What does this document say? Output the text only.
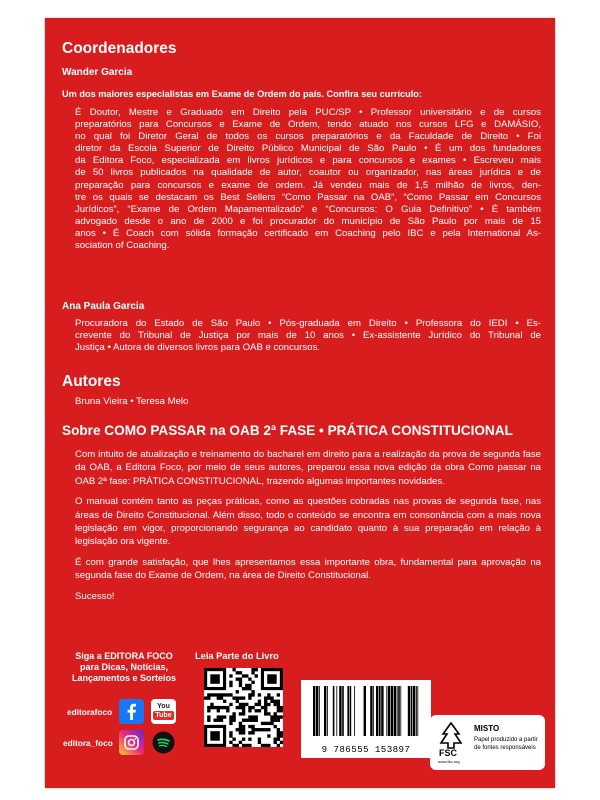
Coordenadores
Wander Garcia
Um dos maiores especialistas em Exame de Ordem do país. Confira seu currículo:
É Doutor, Mestre e Graduado em Direito pela PUC/SP • Professor universitário e de cursos
preparatórios para Concursos e Exame de Ordem, tendo atuado nos cursos LFG e DAMÁSIO,
no qual foi Diretor Geral de todos os cursos preparatórios e da Faculdade de Direito • Foi
diretor da Escola Superior de Direito Público Municipal de São Paulo • É um dos fundadores
da Editora Foco, especializada em livros jurídicos e para concursos e exames • Escreveu mais
de 50 livros publicados na qualidade de autor, coautor ou organizador, nas áreas jurídica e de
preparação para concursos e exame de ordem. Já vendeu mais de 1,5 milhão de livros, den-
tre os quais se destacam os Best Sellers “Como Passar na OAB”, “Como Passar em Concursos
Jurídicos”, “Exame de Ordem Mapamentalizado” e “Concursos: O Guia Definitivo” • É também
advogado desde o ano de 2000 e foi procurador do município de São Paulo por mais de 15
anos • É Coach com sólida formação certificado em Coaching pelo IBC e pela International As-
sociation of Coaching.
Ana Paula Garcia
Procuradora do Estado de São Paulo • Pós-graduada em Direito • Professora do IEDI • Es-
crevente do Tribunal de Justiça por mais de 10 anos • Ex-assistente Jurídico do Tribunal de
Justiça • Autora de diversos livros para OAB e concursos.
Autores
Bruna Vieira • Teresa Melo
Sobre COMO PASSAR na OAB 2ª FASE • PRÁTICA CONSTITUCIONAL

Com intuito de atualização e treinamento do bacharel em direito para a realização da prova de segunda fase da OAB, a Editora Foco, por meio de seus autores, preparou essa nova edição da obra Como passar na OAB 2ª fase: PRÁTICA CONSTITUCIONAL, trazendo algumas importantes novidades.

O manual contém tanto as peças práticas, como as questões cobradas nas provas de segunda fase, nas áreas de Direito Constitucional. Além disso, todo o conteúdo se encontra em consonância com a mais nova legislação em vigor, proporcionando segurança ao candidato quanto à sua preparação em relação à legislação ora vigente.

É com grande satisfação, que lhes apresentamos essa importante obra, fundamental para aprovação na segunda fase do Exame de Ordem, na área de Direito Constitucional.

Sucesso!

Siga a EDITORA FOCO
para Dicas, Notícias,
Lançamentos e Sorteios
editorafoco
You
Tube
editora_foco
Leia Parte do Livro
9 786555 153897	FSC
www.fsc.org
MISTO
Papel produzido a partir
de fontes responsáveis
